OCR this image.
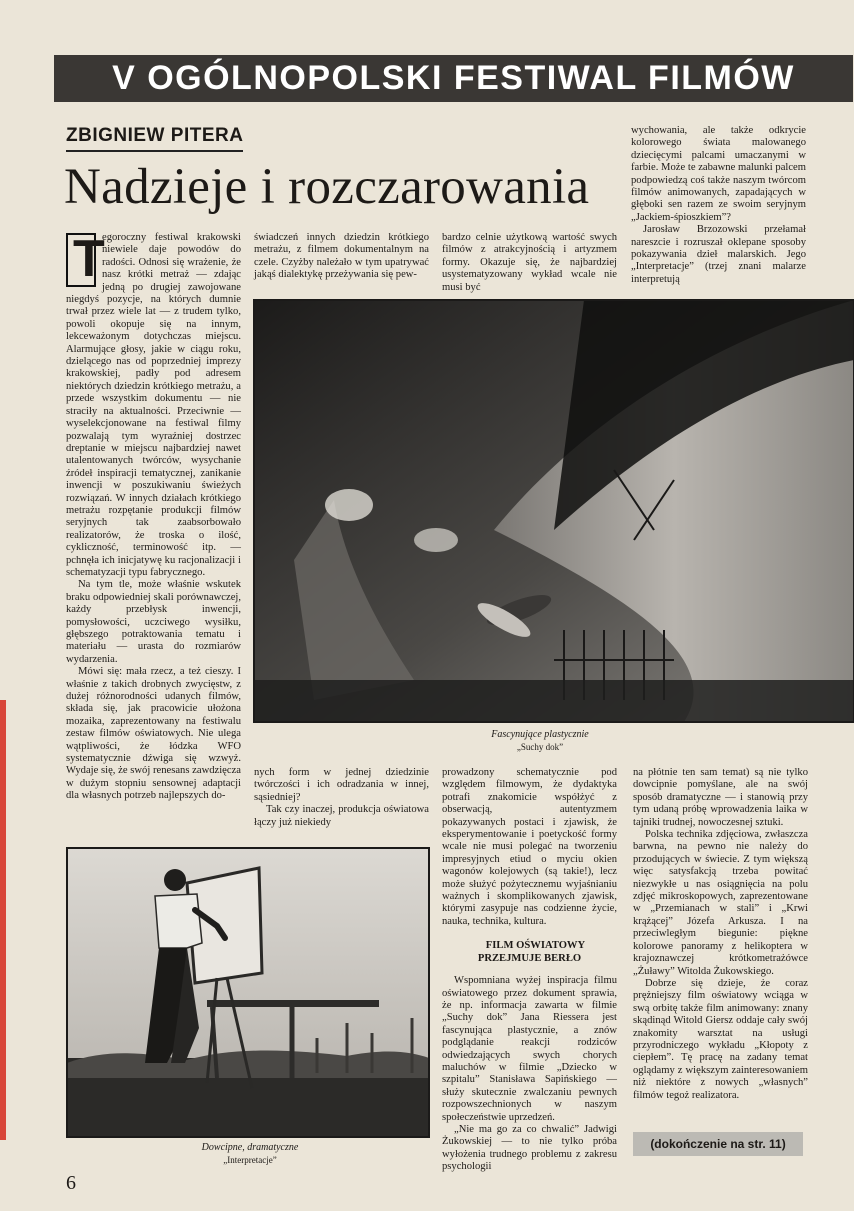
V OGÓLNOPOLSKI FESTIWAL FILMÓW
ZBIGNIEW PITERA
Nadzieje i rozczarowania
T

egoroczny festiwal krakowski niewiele daje powodów do radości. Odnosi się wrażenie, że nasz krótki metraż — zdając jedną po drugiej zawojowane niegdyś pozycje, na których dumnie trwał przez wiele lat — z trudem tylko, powoli okopuje się na innym, lekceważonym dotychczas miejscu. Alarmujące głosy, jakie w ciągu roku, dzielącego nas od poprzedniej imprezy krakowskiej, padły pod adresem niektórych dziedzin krótkiego metrażu, a przede wszystkim dokumentu — nie straciły na aktualności. Przeciwnie — wyselekcjonowane na festiwal filmy pozwalają tym wyraźniej dostrzec dreptanie w miejscu najbardziej nawet utalentowanych twórców, wysychanie źródeł inspiracji tematycznej, zanikanie inwencji w poszukiwaniu świeżych rozwiązań. W innych działach krótkiego metrażu rozpętanie produkcji filmów seryjnych tak zaabsorbowało realizatorów, że troska o ilość, cykliczność, terminowość itp. — pchnęła ich inicjatywę ku racjonalizacji i schematyzacji typu fabrycznego.

Na tym tle, może właśnie wskutek braku odpowiedniej skali porównawczej, każdy przebłysk inwencji, pomysłowości, uczciwego wysiłku, głębszego potraktowania tematu i materiału — urasta do rozmiarów wydarzenia.

Mówi się: mała rzecz, a też cieszy. I właśnie z takich drobnych zwycięstw, z dużej różnorodności udanych filmów, składa się, jak pracowicie ułożona mozaika, zaprezentowany na festiwalu zestaw filmów oświatowych. Nie ulega wątpliwości, że łódzka WFO systematycznie dźwiga się wzwyż. Wydaje się, że swój renesans zawdzięcza w dużym stopniu sensownej adaptacji dla własnych potrzeb najlepszych do-

świadczeń innych dziedzin krótkiego metrażu, z filmem dokumentalnym na czele. Czyżby należało w tym upatrywać jakąś dialektykę przeżywania się pew-

bardzo celnie użytkową wartość swych filmów z atrakcyjnością i artyzmem formy. Okazuje się, że najbardziej usystematyzowany wykład wcale nie musi być

wychowania, ale także odkrycie kolorowego świata malowanego dziecięcymi palcami umaczanymi w farbie. Może te zabawne malunki palcem podpowiedzą coś także naszym twórcom filmów animowanych, zapadających w głęboki sen razem ze swoim seryjnym „Jackiem-śpioszkiem”?

Jarosław Brzozowski przełamał nareszcie i rozruszał oklepane sposoby pokazywania dzieł malarskich. Jego „Interpretacje” (trzej znani malarze interpretują

Fascynujące plastycznie
„Suchy dok”

nych form w jednej dziedzinie twórczości i ich odradzania w innej, sąsiedniej?

Tak czy inaczej, produkcja oświatowa łączy już niekiedy

prowadzony schematycznie pod względem filmowym, że dydaktyka potrafi znakomicie współżyć z obserwacją, autentyzmem pokazywanych postaci i zjawisk, że eksperymentowanie i poetyckość formy wcale nie musi polegać na tworzeniu impresyjnych etiud o myciu okien wagonów kolejowych (są takie!), lecz może służyć pożytecznemu wyjaśnianiu ważnych i skomplikowanych zjawisk, którymi zasypuje nas codzienne życie, nauka, technika, kultura.

FILM OŚWIATOWY PRZEJMUJE BERŁO

Wspomniana wyżej inspiracja filmu oświatowego przez dokument sprawia, że np. informacja zawarta w filmie „Suchy dok” Jana Riessera jest fascynująca plastycznie, a znów podglądanie reakcji rodziców odwiedzających swych chorych maluchów w filmie „Dziecko w szpitalu” Stanisława Sapińskiego — służy skutecznie zwalczaniu pewnych rozpowszechnionych w naszym społeczeństwie uprzedzeń.

„Nie ma go za co chwalić” Jadwigi Żukowskiej — to nie tylko próba wyłożenia trudnego problemu z zakresu psychologii

na płótnie ten sam temat) są nie tylko dowcipnie pomyślane, ale na swój sposób dramatyczne — i stanowią przy tym udaną próbę wprowadzenia laika w tajniki trudnej, nowoczesnej sztuki.

Polska technika zdjęciowa, zwłaszcza barwna, na pewno nie należy do przodujących w świecie. Z tym większą więc satysfakcją trzeba powitać niezwykłe u nas osiągnięcia na polu zdjęć mikroskopowych, zaprezentowane w „Przemianach w stali” i „Krwi krążącej” Józefa Arkusza. I na przeciwległym biegunie: piękne kolorowe panoramy z helikoptera w krajoznawczej krótkometrażówce „Żuławy” Witolda Żukowskiego.

Dobrze się dzieje, że coraz prężniejszy film oświatowy wciąga w swą orbitę także film animowany: znany skądinąd Witold Giersz oddaje cały swój znakomity warsztat na usługi przyrodniczego wykładu „Kłopoty z ciepłem”. Tę pracę na zadany temat oglądamy z większym zainteresowaniem niż niektóre z nowych „własnych” filmów tegoż realizatora.

Dowcipne, dramatyczne
„Interpretacje”
(dokończenie na str. 11)
6
